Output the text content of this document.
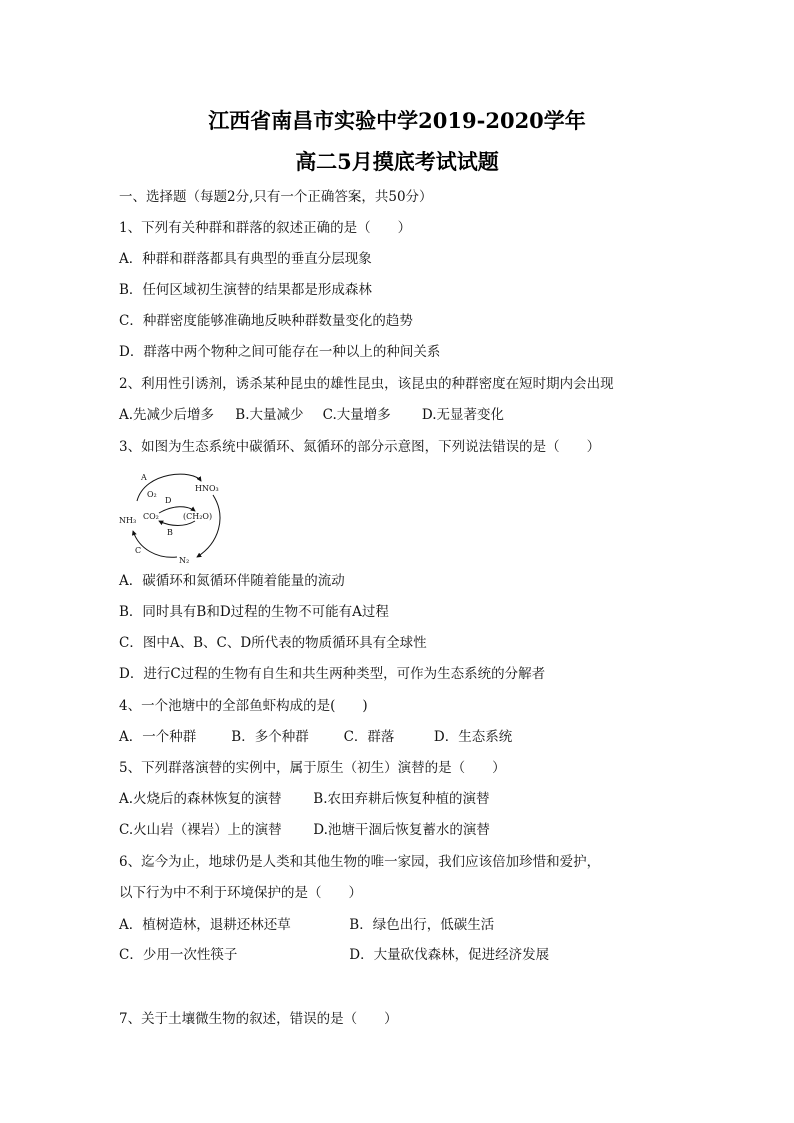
江西省南昌市实验中学2019-2020学年
高二5月摸底考试试题
一、选择题（每题2分,只有一个正确答案，共50分）
1、下列有关种群和群落的叙述正确的是（　　）
A．种群和群落都具有典型的垂直分层现象
B．任何区域初生演替的结果都是形成森林
C．种群密度能够准确地反映种群数量变化的趋势
D．群落中两个物种之间可能存在一种以上的种间关系
2、利用性引诱剂，诱杀某种昆虫的雄性昆虫，该昆虫的种群密度在短时期内会出现
A.先减少后增多 B.大量减少 C.大量增多 D.无显著变化
3、如图为生态系统中碳循环、氮循环的部分示意图，下列说法错误的是（　　）
A
O₂
HNO₃
D
CO₂	(CH₂O)
NH₃
B
C
N₂
A．碳循环和氮循环伴随着能量的流动
B．同时具有B和D过程的生物不可能有A过程
C．图中A、B、C、D所代表的物质循环具有全球性
D．进行C过程的生物有自生和共生两种类型，可作为生态系统的分解者
4、一个池塘中的全部鱼虾构成的是(　　)
A．一个种群	B．多个种群	C．群落	D．生态系统
5、下列群落演替的实例中，属于原生（初生）演替的是（　　）
A.火烧后的森林恢复的演替 B.农田弃耕后恢复种植的演替
C.火山岩（裸岩）上的演替 D.池塘干涸后恢复蓄水的演替
6、迄今为止，地球仍是人类和其他生物的唯一家园，我们应该倍加珍惜和爱护，
以下行为中不利于环境保护的是（　　）
A．植树造林，退耕还林还草	B．绿色出行，低碳生活
C．少用一次性筷子	D．大量砍伐森林，促进经济发展
7、关于土壤微生物的叙述，错误的是（　　）
